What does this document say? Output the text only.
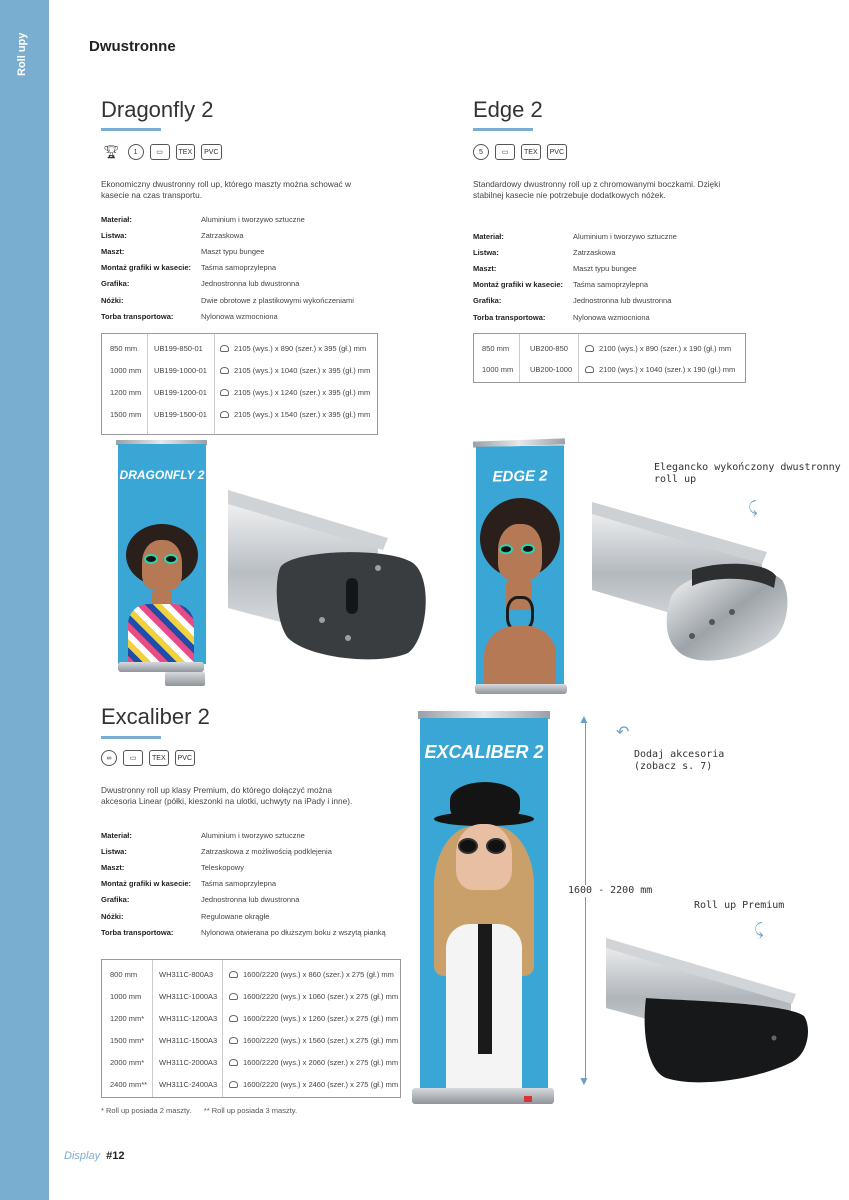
Roll upy	Dwustronne
Dragonfly 2
🏆︎	1	▭	TEX	PVC
Ekonomiczny dwustronny roll up, którego maszty można schować w kasecie na czas transportu.
Materiał:	Aluminium i tworzywo sztuczne
Listwa:	Zatrzaskowa
Maszt:	Maszt typu bungee
Montaż grafiki w kasecie:	Taśma samoprzylepna
Grafika:	Jednostronna lub dwustronna
Nóżki:	Dwie obrotowe z plastikowymi wykończeniami
Torba transportowa:	Nylonowa wzmocniona
850 mm UB199-850-01	2105 (wys.) x 890 (szer.) x 395 (gł.) mm
1000 mm UB199-1000-01	2105 (wys.) x 1040 (szer.) x 395 (gł.) mm
1200 mm UB199-1200-01	2105 (wys.) x 1240 (szer.) x 395 (gł.) mm
1500 mm UB199-1500-01	2105 (wys.) x 1540 (szer.) x 395 (gł.) mm
DRAGONFLY 2
Edge 2
5	▭	TEX	PVC
Standardowy dwustronny roll up z chromowanymi boczkami. Dzięki stabilnej kasecie nie potrzebuje dodatkowych nóżek.
Materiał:	Aluminium i tworzywo sztuczne
Listwa:	Zatrzaskowa
Maszt:	Maszt typu bungee
Montaż grafiki w kasecie:	Taśma samoprzylepna
Grafika:	Jednostronna lub dwustronna
Torba transportowa:	Nylonowa wzmocniona
850 mm	UB200-850	2100 (wys.) x 890 (szer.) x 190 (gł.) mm
1000 mm UB200-1000	2100 (wys.) x 1040 (szer.) x 190 (gł.) mm
EDGE 2
Elegancko wykończony dwustronny roll up
⤹
Excaliber 2
∞	▭	TEX	PVC
Dwustronny roll up klasy Premium, do którego dołączyć można akcesoria Linear (półki, kieszonki na ulotki, uchwyty na iPady i inne).
Materiał:	Aluminium i tworzywo sztuczne
Listwa:	Zatrzaskowa z możliwością podklejenia
Maszt:	Teleskopowy
Montaż grafiki w kasecie:	Taśma samoprzylepna
Grafika:	Jednostronna lub dwustronna
Nóżki:	Regulowane okrągłe
Torba transportowa:	Nylonowa otwierana po dłuższym boku z wszytą pianką
800 mm	WH311C-800A3	1600/2220 (wys.) x 860 (szer.) x 275 (gł.) mm
1000 mm WH311C-1000A3	1600/2220 (wys.) x 1060 (szer.) x 275 (gł.) mm
1200 mm* WH311C-1200A3	1600/2220 (wys.) x 1260 (szer.) x 275 (gł.) mm
1500 mm* WH311C-1500A3	1600/2220 (wys.) x 1560 (szer.) x 275 (gł.) mm
2000 mm* WH311C-2000A3	1600/2220 (wys.) x 2060 (szer.) x 275 (gł.) mm
2400 mm** WH311C-2400A3	1600/2220 (wys.) x 2460 (szer.) x 275 (gł.) mm
* Roll up posiada 2 maszty.      ** Roll up posiada 3 maszty.
EXCALIBER 2
▲
▼
1600 - 2200 mm
↶
Dodaj akcesoria (zobacz s. 7)
Roll up Premium
⤹
Display #12
